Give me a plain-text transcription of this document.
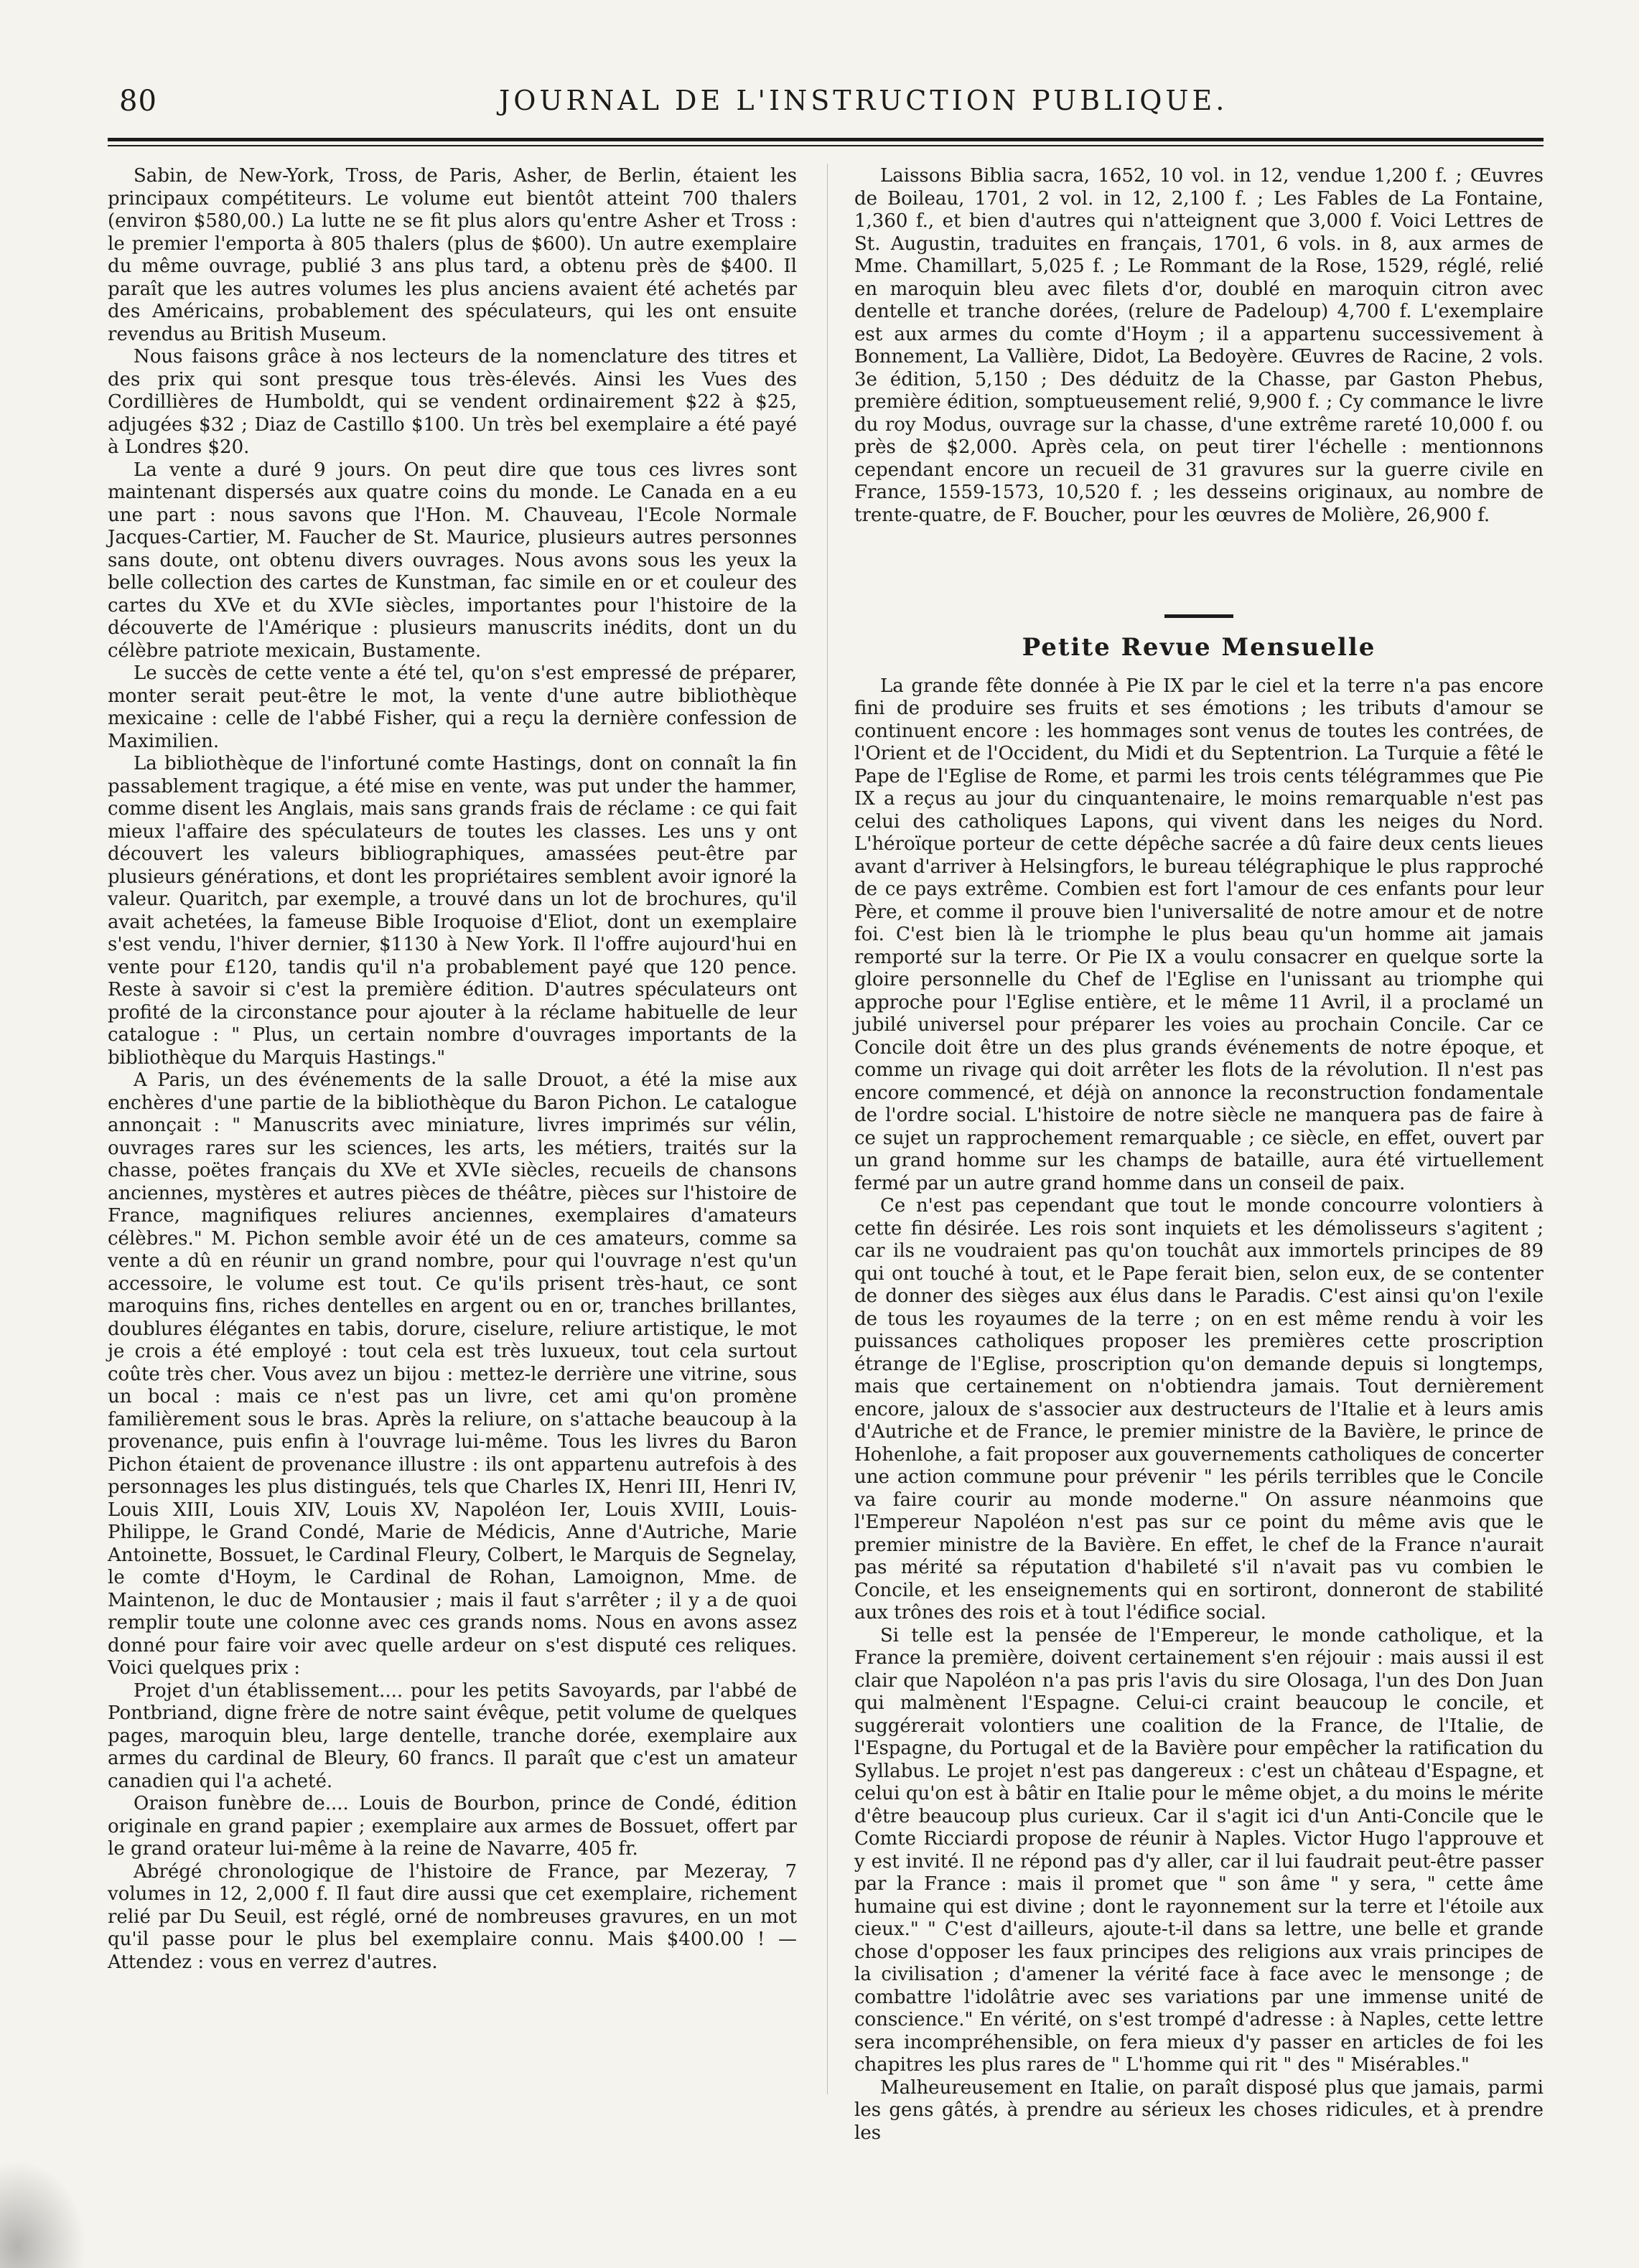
80	JOURNAL DE L'INSTRUCTION PUBLIQUE.

Sabin, de New-York, Tross, de Paris, Asher, de Berlin, étaient les principaux compétiteurs. Le volume eut bientôt atteint 700 thalers (environ $580,00.) La lutte ne se fit plus alors qu'entre Asher et Tross : le premier l'emporta à 805 thalers (plus de $600). Un autre exemplaire du même ouvrage, publié 3 ans plus tard, a obtenu près de $400. Il paraît que les autres volumes les plus anciens avaient été achetés par des Américains, probablement des spéculateurs, qui les ont ensuite revendus au British Museum.

Nous faisons grâce à nos lecteurs de la nomenclature des titres et des prix qui sont presque tous très-élevés. Ainsi les Vues des Cordillières de Humboldt, qui se vendent ordinairement $22 à $25, adjugées $32 ; Diaz de Castillo $100. Un très bel exemplaire a été payé à Londres $20.

La vente a duré 9 jours. On peut dire que tous ces livres sont maintenant dispersés aux quatre coins du monde. Le Canada en a eu une part : nous savons que l'Hon. M. Chauveau, l'Ecole Normale Jacques-Cartier, M. Faucher de St. Maurice, plusieurs autres personnes sans doute, ont obtenu divers ouvrages. Nous avons sous les yeux la belle collection des cartes de Kunstman, fac simile en or et couleur des cartes du XVe et du XVIe siècles, importantes pour l'histoire de la découverte de l'Amérique : plusieurs manuscrits inédits, dont un du célèbre patriote mexicain, Bustamente.

Le succès de cette vente a été tel, qu'on s'est empressé de préparer, monter serait peut-être le mot, la vente d'une autre bibliothèque mexicaine : celle de l'abbé Fisher, qui a reçu la dernière confession de Maximilien.

La bibliothèque de l'infortuné comte Hastings, dont on connaît la fin passablement tragique, a été mise en vente, was put under the hammer, comme disent les Anglais, mais sans grands frais de réclame : ce qui fait mieux l'affaire des spéculateurs de toutes les classes. Les uns y ont découvert les valeurs bibliographiques, amassées peut-être par plusieurs générations, et dont les propriétaires semblent avoir ignoré la valeur. Quaritch, par exemple, a trouvé dans un lot de brochures, qu'il avait achetées, la fameuse Bible Iroquoise d'Eliot, dont un exemplaire s'est vendu, l'hiver dernier, $1130 à New York. Il l'offre aujourd'hui en vente pour £120, tandis qu'il n'a probablement payé que 120 pence. Reste à savoir si c'est la première édition. D'autres spéculateurs ont profité de la circonstance pour ajouter à la réclame habituelle de leur catalogue : " Plus, un certain nombre d'ouvrages importants de la bibliothèque du Marquis Hastings."

A Paris, un des événements de la salle Drouot, a été la mise aux enchères d'une partie de la bibliothèque du Baron Pichon. Le catalogue annonçait : " Manuscrits avec miniature, livres imprimés sur vélin, ouvrages rares sur les sciences, les arts, les métiers, traités sur la chasse, poëtes français du XVe et XVIe siècles, recueils de chansons anciennes, mystères et autres pièces de théâtre, pièces sur l'histoire de France, magnifiques reliures anciennes, exemplaires d'amateurs célèbres." M. Pichon semble avoir été un de ces amateurs, comme sa vente a dû en réunir un grand nombre, pour qui l'ouvrage n'est qu'un accessoire, le volume est tout. Ce qu'ils prisent très-haut, ce sont maroquins fins, riches dentelles en argent ou en or, tranches brillantes, doublures élégantes en tabis, dorure, ciselure, reliure artistique, le mot je crois a été employé : tout cela est très luxueux, tout cela surtout coûte très cher. Vous avez un bijou : mettez-le derrière une vitrine, sous un bocal : mais ce n'est pas un livre, cet ami qu'on promène familièrement sous le bras. Après la reliure, on s'attache beaucoup à la provenance, puis enfin à l'ouvrage lui-même. Tous les livres du Baron Pichon étaient de provenance illustre : ils ont appartenu autrefois à des personnages les plus distingués, tels que Charles IX, Henri III, Henri IV, Louis XIII, Louis XIV, Louis XV, Napoléon Ier, Louis XVIII, Louis-Philippe, le Grand Condé, Marie de Médicis, Anne d'Autriche, Marie Antoinette, Bossuet, le Cardinal Fleury, Colbert, le Marquis de Segnelay, le comte d'Hoym, le Cardinal de Rohan, Lamoignon, Mme. de Maintenon, le duc de Montausier ; mais il faut s'arrêter ; il y a de quoi remplir toute une colonne avec ces grands noms. Nous en avons assez donné pour faire voir avec quelle ardeur on s'est disputé ces reliques. Voici quelques prix :

Projet d'un établissement.... pour les petits Savoyards, par l'abbé de Pontbriand, digne frère de notre saint évêque, petit volume de quelques pages, maroquin bleu, large dentelle, tranche dorée, exemplaire aux armes du cardinal de Bleury, 60 francs. Il paraît que c'est un amateur canadien qui l'a acheté.

Oraison funèbre de.... Louis de Bourbon, prince de Condé, édition originale en grand papier ; exemplaire aux armes de Bossuet, offert par le grand orateur lui-même à la reine de Navarre, 405 fr.

Abrégé chronologique de l'histoire de France, par Mezeray, 7 volumes in 12, 2,000 f. Il faut dire aussi que cet exemplaire, richement relié par Du Seuil, est réglé, orné de nombreuses gravures, en un mot qu'il passe pour le plus bel exemplaire connu. Mais $400.00 ! —Attendez : vous en verrez d'autres.

Laissons Biblia sacra, 1652, 10 vol. in 12, vendue 1,200 f. ; Œuvres de Boileau, 1701, 2 vol. in 12, 2,100 f. ; Les Fables de La Fontaine, 1,360 f., et bien d'autres qui n'atteignent que 3,000 f. Voici Lettres de St. Augustin, traduites en français, 1701, 6 vols. in 8, aux armes de Mme. Chamillart, 5,025 f. ; Le Rommant de la Rose, 1529, réglé, relié en maroquin bleu avec filets d'or, doublé en maroquin citron avec dentelle et tranche dorées, (relure de Padeloup) 4,700 f. L'exemplaire est aux armes du comte d'Hoym ; il a appartenu successivement à Bonnement, La Vallière, Didot, La Bedoyère. Œuvres de Racine, 2 vols. 3e édition, 5,150 ; Des déduitz de la Chasse, par Gaston Phebus, première édition, somptueusement relié, 9,900 f. ; Cy commance le livre du roy Modus, ouvrage sur la chasse, d'une extrême rareté 10,000 f. ou près de $2,000. Après cela, on peut tirer l'échelle : mentionnons cependant encore un recueil de 31 gravures sur la guerre civile en France, 1559-1573, 10,520 f. ; les desseins originaux, au nombre de trente-quatre, de F. Boucher, pour les œuvres de Molière, 26,900 f.

Petite Revue Mensuelle

La grande fête donnée à Pie IX par le ciel et la terre n'a pas encore fini de produire ses fruits et ses émotions ; les tributs d'amour se continuent encore : les hommages sont venus de toutes les contrées, de l'Orient et de l'Occident, du Midi et du Septentrion. La Turquie a fêté le Pape de l'Eglise de Rome, et parmi les trois cents télégrammes que Pie IX a reçus au jour du cinquantenaire, le moins remarquable n'est pas celui des catholiques Lapons, qui vivent dans les neiges du Nord. L'héroïque porteur de cette dépêche sacrée a dû faire deux cents lieues avant d'arriver à Helsingfors, le bureau télégraphique le plus rapproché de ce pays extrême. Combien est fort l'amour de ces enfants pour leur Père, et comme il prouve bien l'universalité de notre amour et de notre foi. C'est bien là le triomphe le plus beau qu'un homme ait jamais remporté sur la terre. Or Pie IX a voulu consacrer en quelque sorte la gloire personnelle du Chef de l'Eglise en l'unissant au triomphe qui approche pour l'Eglise entière, et le même 11 Avril, il a proclamé un jubilé universel pour préparer les voies au prochain Concile. Car ce Concile doit être un des plus grands événements de notre époque, et comme un rivage qui doit arrêter les flots de la révolution. Il n'est pas encore commencé, et déjà on annonce la reconstruction fondamentale de l'ordre social. L'histoire de notre siècle ne manquera pas de faire à ce sujet un rapprochement remarquable ; ce siècle, en effet, ouvert par un grand homme sur les champs de bataille, aura été virtuellement fermé par un autre grand homme dans un conseil de paix.

Ce n'est pas cependant que tout le monde concourre volontiers à cette fin désirée. Les rois sont inquiets et les démolisseurs s'agitent ; car ils ne voudraient pas qu'on touchât aux immortels principes de 89 qui ont touché à tout, et le Pape ferait bien, selon eux, de se contenter de donner des sièges aux élus dans le Paradis. C'est ainsi qu'on l'exile de tous les royaumes de la terre ; on en est même rendu à voir les puissances catholiques proposer les premières cette proscription étrange de l'Eglise, proscription qu'on demande depuis si longtemps, mais que certainement on n'obtiendra jamais. Tout dernièrement encore, jaloux de s'associer aux destructeurs de l'Italie et à leurs amis d'Autriche et de France, le premier ministre de la Bavière, le prince de Hohenlohe, a fait proposer aux gouvernements catholiques de concerter une action commune pour prévenir " les périls terribles que le Concile va faire courir au monde moderne." On assure néanmoins que l'Empereur Napoléon n'est pas sur ce point du même avis que le premier ministre de la Bavière. En effet, le chef de la France n'aurait pas mérité sa réputation d'habileté s'il n'avait pas vu combien le Concile, et les enseignements qui en sortiront, donneront de stabilité aux trônes des rois et à tout l'édifice social.

Si telle est la pensée de l'Empereur, le monde catholique, et la France la première, doivent certainement s'en réjouir : mais aussi il est clair que Napoléon n'a pas pris l'avis du sire Olosaga, l'un des Don Juan qui malmènent l'Espagne. Celui-ci craint beaucoup le concile, et suggérerait volontiers une coalition de la France, de l'Italie, de l'Espagne, du Portugal et de la Bavière pour empêcher la ratification du Syllabus. Le projet n'est pas dangereux : c'est un château d'Espagne, et celui qu'on est à bâtir en Italie pour le même objet, a du moins le mérite d'être beaucoup plus curieux. Car il s'agit ici d'un Anti-Concile que le Comte Ricciardi propose de réunir à Naples. Victor Hugo l'approuve et y est invité. Il ne répond pas d'y aller, car il lui faudrait peut-être passer par la France : mais il promet que " son âme " y sera, " cette âme humaine qui est divine ; dont le rayonnement sur la terre et l'étoile aux cieux." " C'est d'ailleurs, ajoute-t-il dans sa lettre, une belle et grande chose d'opposer les faux principes des religions aux vrais principes de la civilisation ; d'amener la vérité face à face avec le mensonge ; de combattre l'idolâtrie avec ses variations par une immense unité de conscience." En vérité, on s'est trompé d'adresse : à Naples, cette lettre sera incompréhensible, on fera mieux d'y passer en articles de foi les chapitres les plus rares de " L'homme qui rit " des " Misérables."

Malheureusement en Italie, on paraît disposé plus que jamais, parmi les gens gâtés, à prendre au sérieux les choses ridicules, et à prendre les
